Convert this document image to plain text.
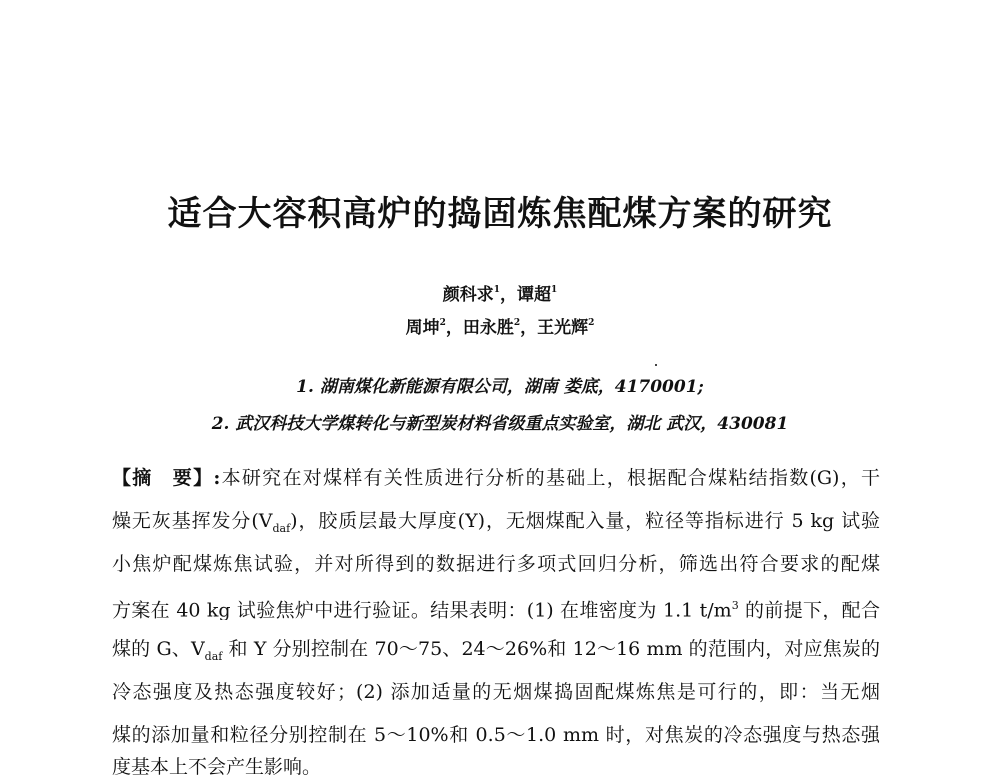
适合大容积高炉的捣固炼焦配煤方案的研究
颜科求$^1$，谭超$^1$
周坤$^2$，田永胜$^2$，王光辉$^2$
1. 湖南煤化新能源有限公司，湖南 娄底，4170001;
2. 武汉科技大学煤转化与新型炭材料省级重点实验室，湖北 武汉，430081
【摘　要】:本研究在对煤样有关性质进行分析的基础上，根据配合煤粘结指数(G)，干
燥无灰基挥发分$(V_{daf})$，胶质层最大厚度(Y)，无烟煤配入量，粒径等指标进行 5 kg 试验
小焦炉配煤炼焦试验，并对所得到的数据进行多项式回归分析，筛选出符合要求的配煤
方案在 40 kg 试验焦炉中进行验证。结果表明：(1) 在堆密度为 1.1 $t/m^3$ 的前提下，配合
煤的 G、$V_{daf}$ 和 Y 分别控制在 70～75、24～26%和 12～16 mm 的范围内，对应焦炭的
冷态强度及热态强度较好；(2) 添加适量的无烟煤捣固配煤炼焦是可行的，即：当无烟
煤的添加量和粒径分别控制在 5～10%和 0.5～1.0 mm 时，对焦炭的冷态强度与热态强
度基本上不会产生影响。
